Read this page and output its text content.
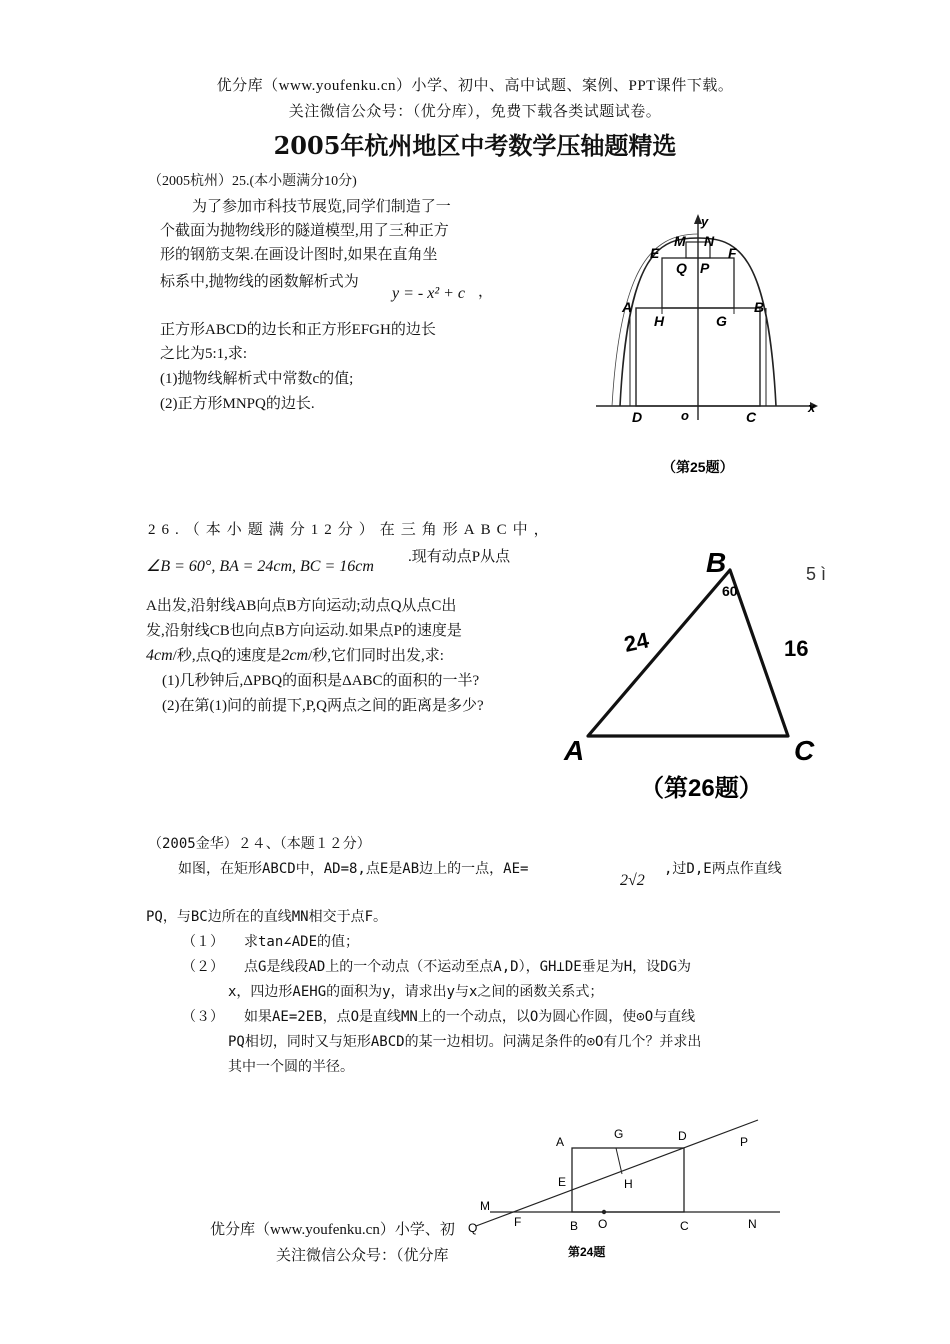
优分库（www.youfenku.cn）小学、初中、高中试题、案例、PPT课件下载。
关注微信公众号：（优分库），免费下载各类试题试卷。
2005年杭州地区中考数学压轴题精选
（2005杭州）25.(本小题满分10分)
为了参加市科技节展览,同学们制造了一
个截面为抛物线形的隧道模型,用了三种正方
形的钢筋支架.在画设计图时,如果在直角坐
标系中,抛物线的函数解析式为
y = - x² + c ，
正方形ABCD的边长和正方形EFGH的边长
之比为5:1,求:
(1)抛物线解析式中常数c的值;
(2)正方形MNPQ的边长.
y
x
o
M N
E	F
Q P
A	B
H	G
D	C
（第25题）
26.（本小题满分12分）在三角形ABC中，
∠B = 60°, BA = 24cm, BC = 16cm
.现有动点P从点
A出发,沿射线AB向点B方向运动;动点Q从点C出
发,沿射线CB也向点B方向运动.如果点P的速度是
4cm/秒,点Q的速度是2cm/秒,它们同时出发,求:
(1)几秒钟后,ΔPBQ的面积是ΔABC的面积的一半?
(2)在第(1)问的前提下,P,Q两点之间的距离是多少?
A
B
C
24	16
60
5 ì
（第26题）
（2005金华）２４、（本题１２分）
如图，在矩形ABCD中，AD=8,点E是AB边上的一点，AE=
2√2
,过D,E两点作直线
PQ，与BC边所在的直线MN相交于点F。
（１） 求tan∠ADE的值；
（２） 点G是线段AD上的一个动点（不运动至点A,D），GH⊥DE垂足为H，设DG为
x，四边形AEHG的面积为y，请求出y与x之间的函数关系式；
（３） 如果AE=2EB，点O是直线MN上的一个动点，以O为圆心作圆，使⊙O与直线
PQ相切，同时又与矩形ABCD的某一边相切。问满足条件的⊙O有几个？并求出
其中一个圆的半径。
A
G	D	P
E	H
M
Q	F	B O	C	N
第24题
优分库（www.youfenku.cn）小学、初
关注微信公众号：（优分库
